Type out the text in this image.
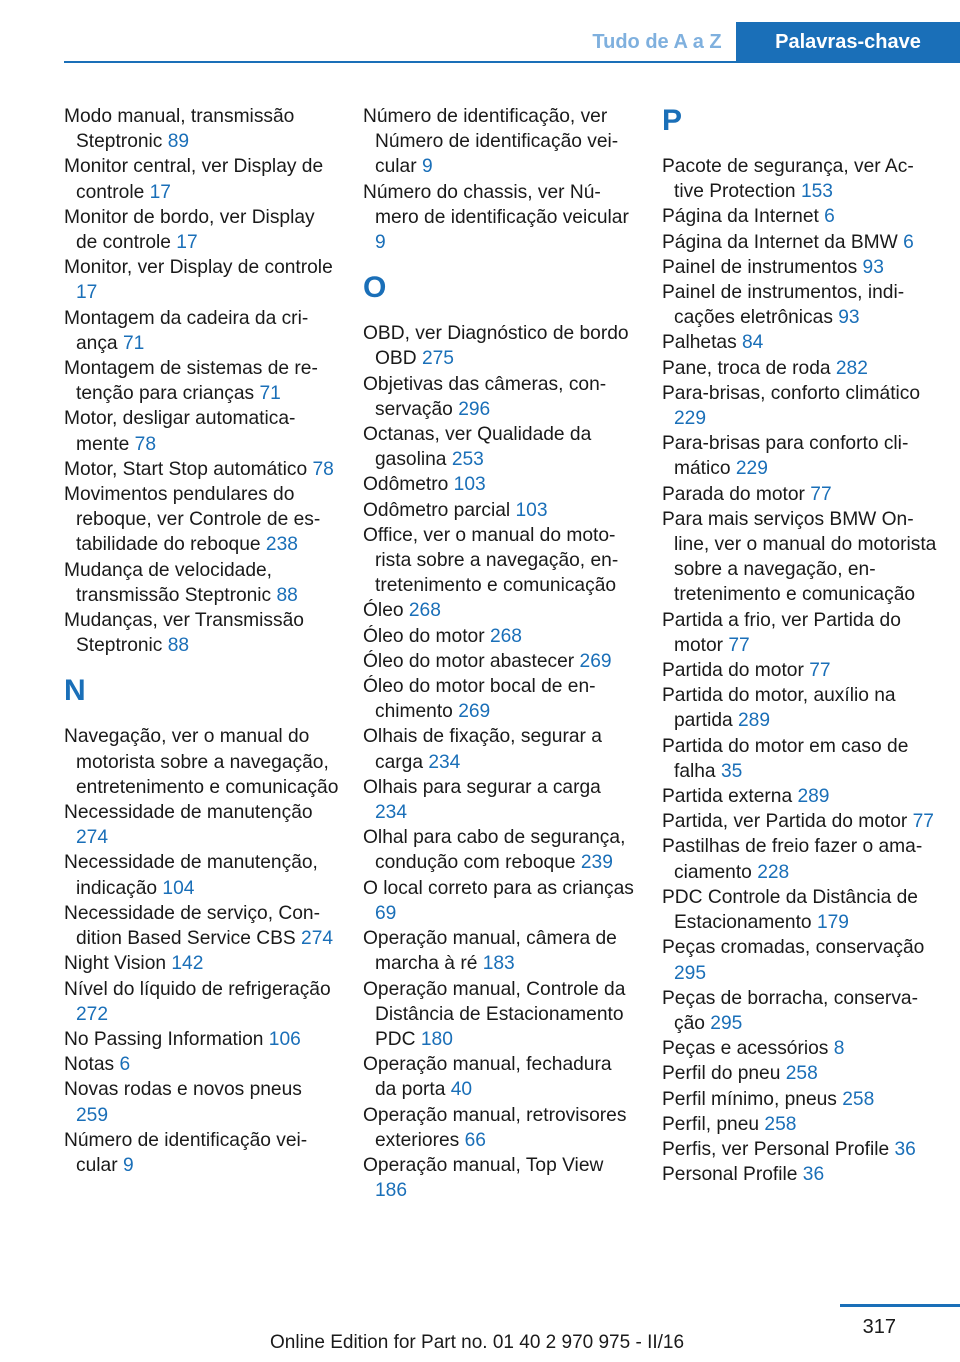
Tudo de A a Z	Palavras-chave
Modo manual, transmissão Steptronic 89
Monitor central, ver Display de controle 17
Monitor de bordo, ver Display de controle 17
Monitor, ver Display de controle 17
Montagem da cadeira da criança 71
Montagem de sistemas de retenção para crianças 71
Motor, desligar automaticamente 78
Motor, Start Stop automático 78
Movimentos pendulares do reboque, ver Controle de estabilidade do reboque 238
Mudança de velocidade, transmissão Steptronic 88
Mudanças, ver Transmissão Steptronic 88
N
Navegação, ver o manual do motorista sobre a navegação, entretenimento e comunicação
Necessidade de manutenção 274
Necessidade de manutenção, indicação 104
Necessidade de serviço, Condition Based Service CBS 274
Night Vision 142
Nível do líquido de refrigeração 272
No Passing Information 106
Notas 6
Novas rodas e novos pneus 259
Número de identificação veicular 9
Número de identificação, ver Número de identificação veicular 9
Número do chassis, ver Número de identificação veicular 9
O
OBD, ver Diagnóstico de bordo OBD 275
Objetivas das câmeras, conservação 296
Octanas, ver Qualidade da gasolina 253
Odômetro 103
Odômetro parcial 103
Office, ver o manual do motorista sobre a navegação, entretenimento e comunicação
Óleo 268
Óleo do motor 268
Óleo do motor abastecer 269
Óleo do motor bocal de enchimento 269
Olhais de fixação, segurar a carga 234
Olhais para segurar a carga 234
Olhal para cabo de segurança, condução com reboque 239
O local correto para as crianças 69
Operação manual, câmera de marcha à ré 183
Operação manual, Controle da Distância de Estacionamento PDC 180
Operação manual, fechadura da porta 40
Operação manual, retrovisores exteriores 66
Operação manual, Top View 186
P
Pacote de segurança, ver Active Protection 153
Página da Internet 6
Página da Internet da BMW 6
Painel de instrumentos 93
Painel de instrumentos, indicações eletrônicas 93
Palhetas 84
Pane, troca de roda 282
Para-brisas, conforto climático 229
Para-brisas para conforto climático 229
Parada do motor 77
Para mais serviços BMW Online, ver o manual do motorista sobre a navegação, entretenimento e comunicação
Partida a frio, ver Partida do motor 77
Partida do motor 77
Partida do motor, auxílio na partida 289
Partida do motor em caso de falha 35
Partida externa 289
Partida, ver Partida do motor 77
Pastilhas de freio fazer o amaciamento 228
PDC Controle da Distância de Estacionamento 179
Peças cromadas, conservação 295
Peças de borracha, conservação 295
Peças e acessórios 8
Perfil do pneu 258
Perfil mínimo, pneus 258
Perfil, pneu 258
Perfis, ver Personal Profile 36
Personal Profile 36
317
Online Edition for Part no. 01 40 2 970 975 - II/16
